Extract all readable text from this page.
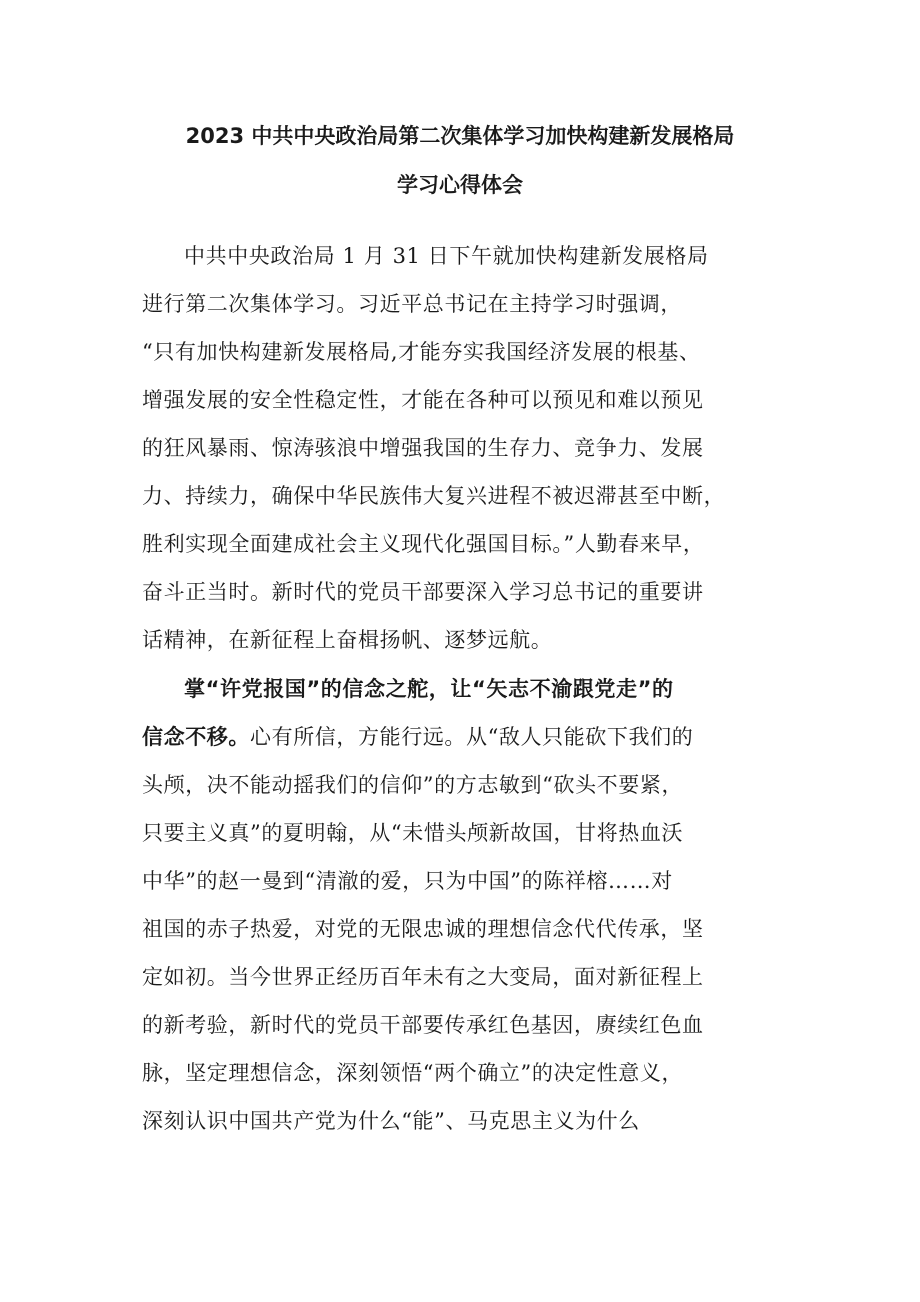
2023 中共中央政治局第二次集体学习加快构建新发展格局
学习心得体会
中共中央政治局 1 月 31 日下午就加快构建新发展格局
进行第二次集体学习。习近平总书记在主持学习时强调，
“只有加快构建新发展格局,才能夯实我国经济发展的根基、
增强发展的安全性稳定性，才能在各种可以预见和难以预见
的狂风暴雨、惊涛骇浪中增强我国的生存力、竞争力、发展
力、持续力，确保中华民族伟大复兴进程不被迟滞甚至中断，
胜利实现全面建成社会主义现代化强国目标。”人勤春来早，
奋斗正当时。新时代的党员干部要深入学习总书记的重要讲
话精神，在新征程上奋楫扬帆、逐梦远航。
掌“许党报国”的信念之舵，让“矢志不渝跟党走”的
信念不移。心有所信，方能行远。从“敌人只能砍下我们的
头颅，决不能动摇我们的信仰”的方志敏到“砍头不要紧，
只要主义真”的夏明翰，从“未惜头颅新故国，甘将热血沃
中华”的赵一曼到“清澈的爱，只为中国”的陈祥榕……对
祖国的赤子热爱，对党的无限忠诚的理想信念代代传承，坚
定如初。当今世界正经历百年未有之大变局，面对新征程上
的新考验，新时代的党员干部要传承红色基因，赓续红色血
脉，坚定理想信念，深刻领悟“两个确立”的决定性意义，
深刻认识中国共产党为什么“能”、马克思主义为什么
